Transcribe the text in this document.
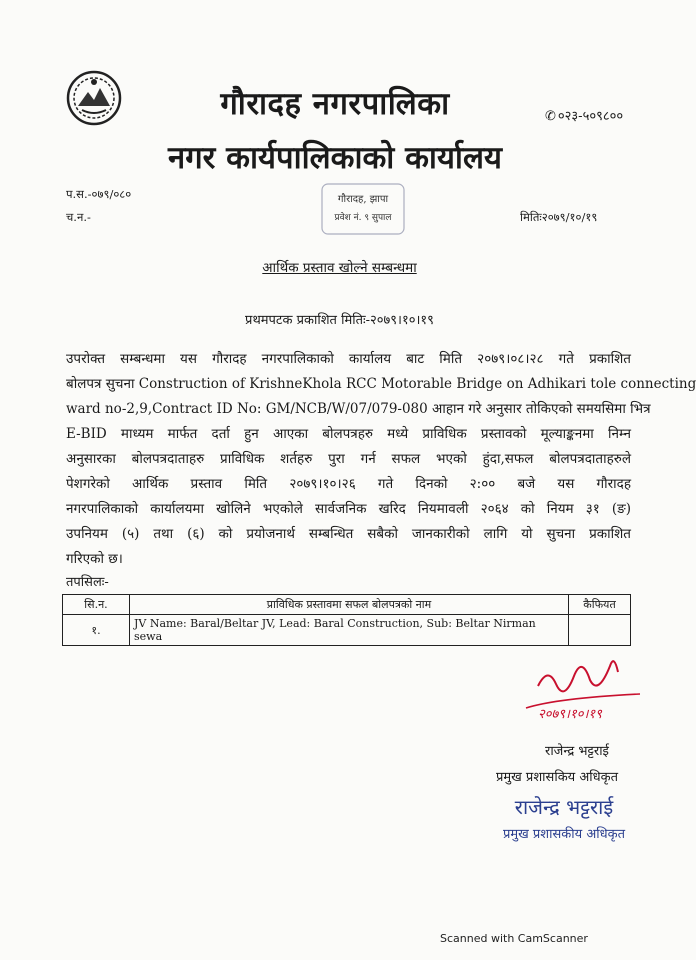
गौरादह नगरपालिका
नगर कार्यपालिकाको कार्यालय
✆ ०२३-५०९८००
प.स.-०७९/०८०
च.न.-	मितिः२०७९/१०/१९
गौरादह, झापा
प्रवेश नं. ९ सुपाल
आर्थिक प्रस्ताव खोल्ने सम्बन्धमा
प्रथमपटक प्रकाशित मितिः-२०७९।१०।१९
उपरोक्त सम्बन्धमा यस गौरादह नगरपालिकाको कार्यालय बाट मिति २०७९।०८।२८ गते प्रकाशित
बोलपत्र सुचना Construction of KrishneKhola RCC Motorable Bridge on Adhikari tole connecting
ward no-2,9,Contract ID No: GM/NCB/W/07/079-080 आहान गरे अनुसार तोकिएको समयसिमा भित्र
E-BID माध्यम मार्फत दर्ता हुन आएका बोलपत्रहरु मध्ये प्राविधिक प्रस्तावको मूल्याङ्कनमा निम्न
अनुसारका बोलपत्रदाताहरु प्राविधिक शर्तहरु पुरा गर्न सफल भएको हुंदा,सफल बोलपत्रदाताहरुले
पेशगरेको आर्थिक प्रस्ताव मिति २०७९।१०।२६ गते दिनको २:०० बजे यस गौरादह
नगरपालिकाको कार्यालयमा खोलिने भएकोले सार्वजनिक खरिद नियमावली २०६४ को नियम ३१ (ङ)
उपनियम (५) तथा (६) को प्रयोजनार्थ सम्बन्धित सबैको जानकारीको लागि यो सुचना प्रकाशित
गरिएको छ।
तपसिलः-
सि.न.	प्राविधिक प्रस्तावमा सफल बोलपत्रको नाम	कैफियत
१.	JV Name: Baral/Beltar JV, Lead: Baral Construction, Sub: Beltar Nirman sewa	
२०७९।१०।१९
राजेन्द्र भट्टराई
प्रमुख प्रशासकिय अधिकृत
राजेन्द्र भट्टराई
प्रमुख प्रशासकीय अधिकृत
Scanned with CamScanner
